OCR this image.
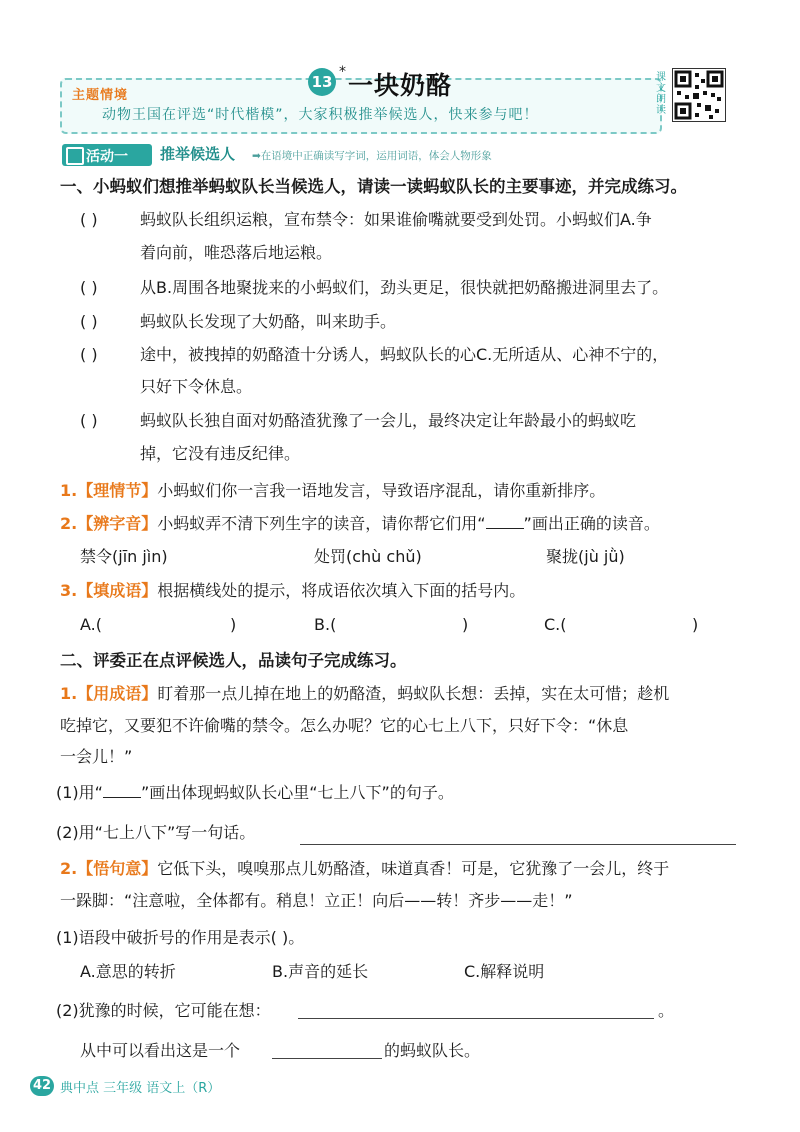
主题情境
动物王国在评选“时代楷模”，大家积极推举候选人，快来参与吧！
13
* 一块奶酪	课文朗读
活动一 推举候选人 ➡在语境中正确读写字词，运用词语，体会人物形象
一、小蚂蚁们想推举蚂蚁队长当候选人，请读一读蚂蚁队长的主要事迹，并完成练习。
( )	蚂蚁队长组织运粮，宣布禁令：如果谁偷嘴就要受到处罚。小蚂蚁们A.争
着向前，唯恐落后地运粮。
( )	从B.周围各地聚拢来的小蚂蚁们，劲头更足，很快就把奶酪搬进洞里去了。
( )	蚂蚁队长发现了大奶酪，叫来助手。
( )	途中，被拽掉的奶酪渣十分诱人，蚂蚁队长的心C.无所适从、心神不宁的，
只好下令休息。
( )	蚂蚁队长独自面对奶酪渣犹豫了一会儿，最终决定让年龄最小的蚂蚁吃
掉，它没有违反纪律。
1.【理情节】小蚂蚁们你一言我一语地发言，导致语序混乱，请你重新排序。
2.【辨字音】小蚂蚁弄不清下列生字的读音，请你帮它们用“ ”画出正确的读音。
禁令(jīn jìn)	处罚(chù chǔ)	聚拢(jù jǜ)
3.【填成语】根据横线处的提示，将成语依次填入下面的括号内。
A.(	)	B.(	)	C.(	)
二、评委正在点评候选人，品读句子完成练习。
1.【用成语】盯着那一点儿掉在地上的奶酪渣，蚂蚁队长想：丢掉，实在太可惜；趁机
吃掉它，又要犯不许偷嘴的禁令。怎么办呢？它的心七上八下，只好下令：“休息
一会儿！”
(1)用“ ”画出体现蚂蚁队长心里“七上八下”的句子。
(2)用“七上八下”写一句话。
2.【悟句意】它低下头，嗅嗅那点儿奶酪渣，味道真香！可是，它犹豫了一会儿，终于
一跺脚：“注意啦，全体都有。稍息！立正！向后——转！齐步——走！”
(1)语段中破折号的作用是表示( )。
A.意思的转折	B.声音的延长	C.解释说明
(2)犹豫的时候，它可能在想：	。
从中可以看出这是一个	的蚂蚁队长。
42 典中点 三年级 语文上（R）
